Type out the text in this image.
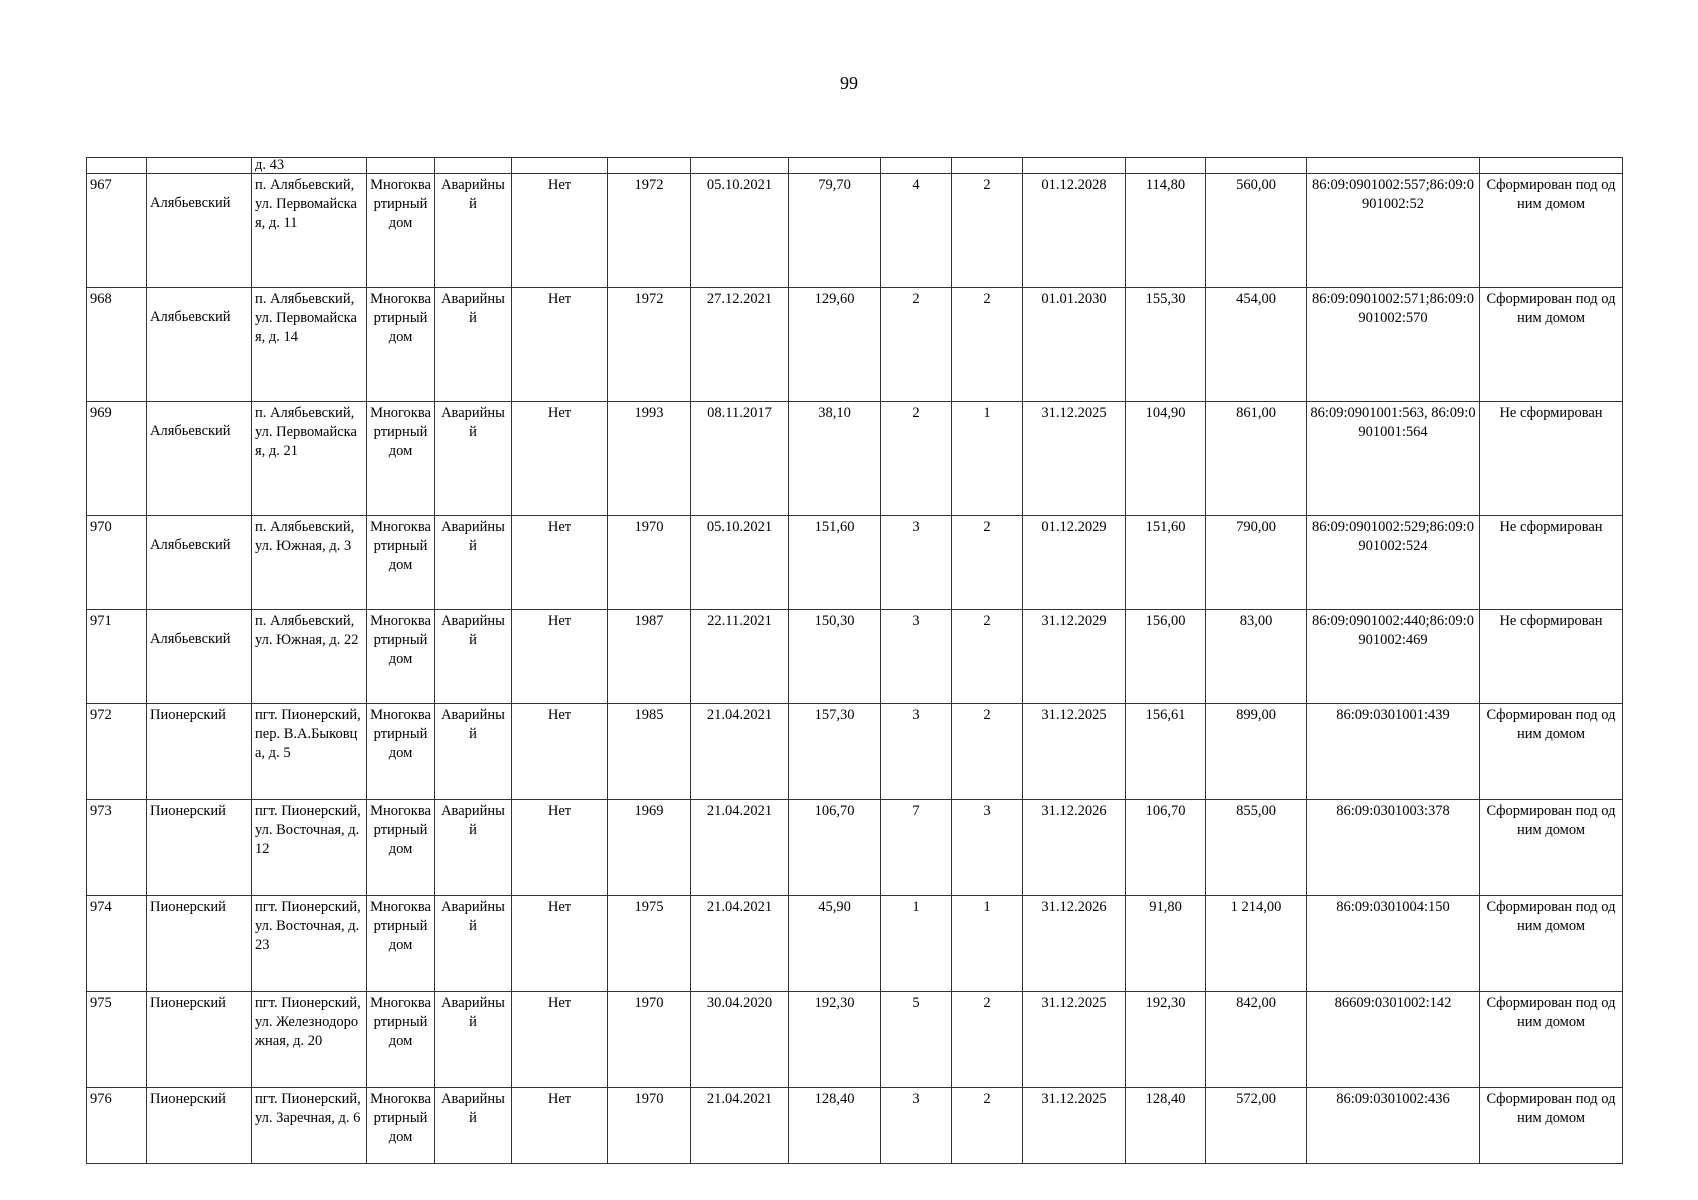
99
		д. 43													
967	Алябьевский	п. Алябьевский, ул. Первомайская, д. 11	Многоквартирный дом	Аварийный	Нет	1972	05.10.2021	79,70	4	2	01.12.2028	114,80	560,00	86:09:0901002:557;86:09:0901002:52	Сформирован под одним домом
968	Алябьевский	п. Алябьевский, ул. Первомайская, д. 14	Многоквартирный дом	Аварийный	Нет	1972	27.12.2021	129,60	2	2	01.01.2030	155,30	454,00	86:09:0901002:571;86:09:0901002:570	Сформирован под одним домом
969	Алябьевский	п. Алябьевский, ул. Первомайская, д. 21	Многоквартирный дом	Аварийный	Нет	1993	08.11.2017	38,10	2	1	31.12.2025	104,90	861,00	86:09:0901001:563, 86:09:0901001:564	Не сформирован
970	Алябьевский	п. Алябьевский, ул. Южная, д. 3	Многоквартирный дом	Аварийный	Нет	1970	05.10.2021	151,60	3	2	01.12.2029	151,60	790,00	86:09:0901002:529;86:09:0901002:524	Не сформирован
971	Алябьевский	п. Алябьевский, ул. Южная, д. 22	Многоквартирный дом	Аварийный	Нет	1987	22.11.2021	150,30	3	2	31.12.2029	156,00	83,00	86:09:0901002:440;86:09:0901002:469	Не сформирован
972	Пионерский	пгт. Пионерский, пер. В.А.Быковца, д. 5	Многоквартирный дом	Аварийный	Нет	1985	21.04.2021	157,30	3	2	31.12.2025	156,61	899,00	86:09:0301001:439	Сформирован под одним домом
973	Пионерский	пгт. Пионерский, ул. Восточная, д. 12	Многоквартирный дом	Аварийный	Нет	1969	21.04.2021	106,70	7	3	31.12.2026	106,70	855,00	86:09:0301003:378	Сформирован под одним домом
974	Пионерский	пгт. Пионерский, ул. Восточная, д. 23	Многоквартирный дом	Аварийный	Нет	1975	21.04.2021	45,90	1	1	31.12.2026	91,80	1 214,00	86:09:0301004:150	Сформирован под одним домом
975	Пионерский	пгт. Пионерский, ул. Железнодорожная, д. 20	Многоквартирный дом	Аварийный	Нет	1970	30.04.2020	192,30	5	2	31.12.2025	192,30	842,00	86609:0301002:142	Сформирован под одним домом
976	Пионерский	пгт. Пионерский, ул. Заречная, д. 6	Многоквартирный дом	Аварийный	Нет	1970	21.04.2021	128,40	3	2	31.12.2025	128,40	572,00	86:09:0301002:436	Сформирован под одним домом
